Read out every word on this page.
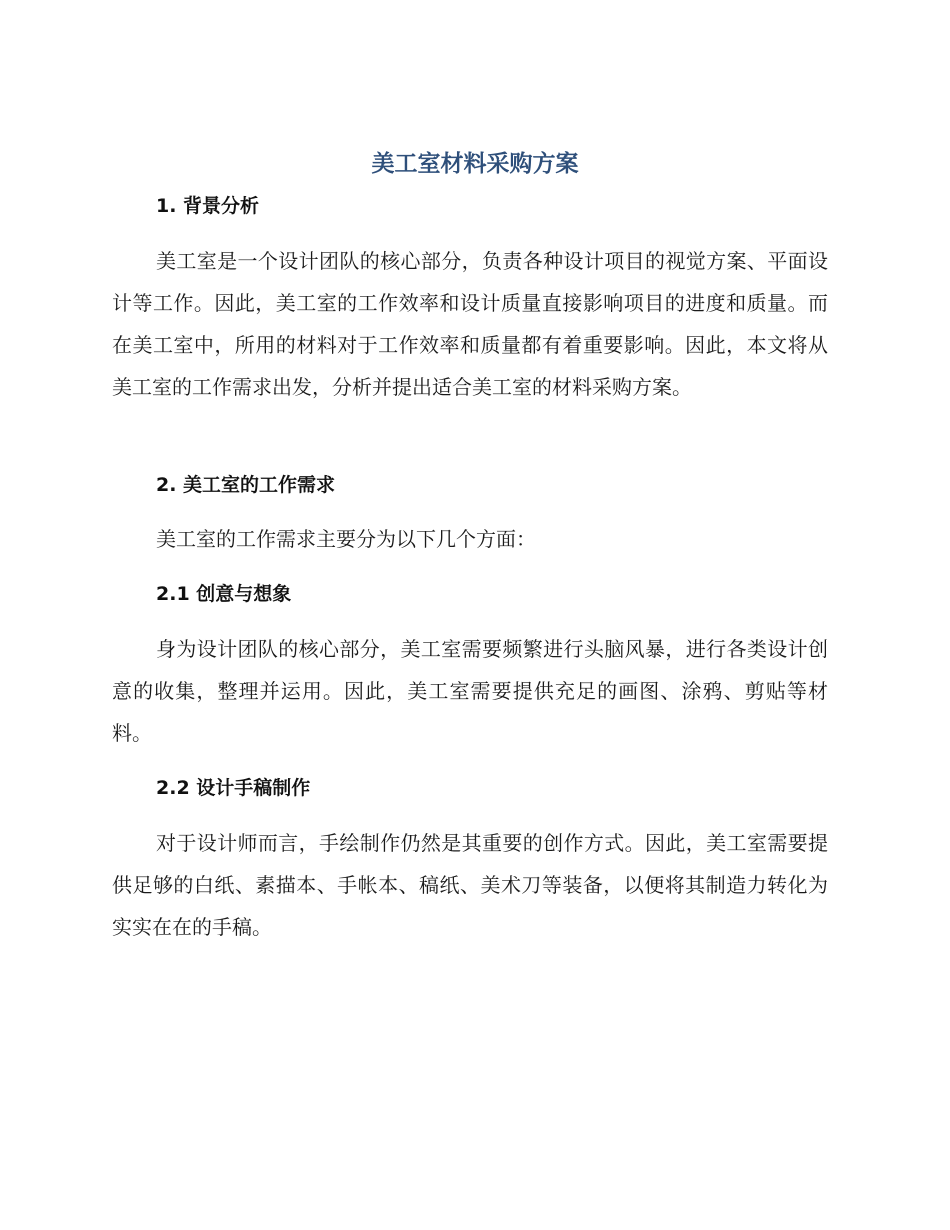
美工室材料采购方案
1. 背景分析

美工室是一个设计团队的核心部分，负责各种设计项目的视觉方案、平面设计等工作。因此，美工室的工作效率和设计质量直接影响项目的进度和质量。而在美工室中，所用的材料对于工作效率和质量都有着重要影响。因此，本文将从美工室的工作需求出发，分析并提出适合美工室的材料采购方案。

2. 美工室的工作需求

美工室的工作需求主要分为以下几个方面：

2.1 创意与想象

身为设计团队的核心部分，美工室需要频繁进行头脑风暴，进行各类设计创意的收集，整理并运用。因此，美工室需要提供充足的画图、涂鸦、剪贴等材料。

2.2 设计手稿制作

对于设计师而言，手绘制作仍然是其重要的创作方式。因此，美工室需要提供足够的白纸、素描本、手帐本、稿纸、美术刀等装备，以便将其制造力转化为实实在在的手稿。
